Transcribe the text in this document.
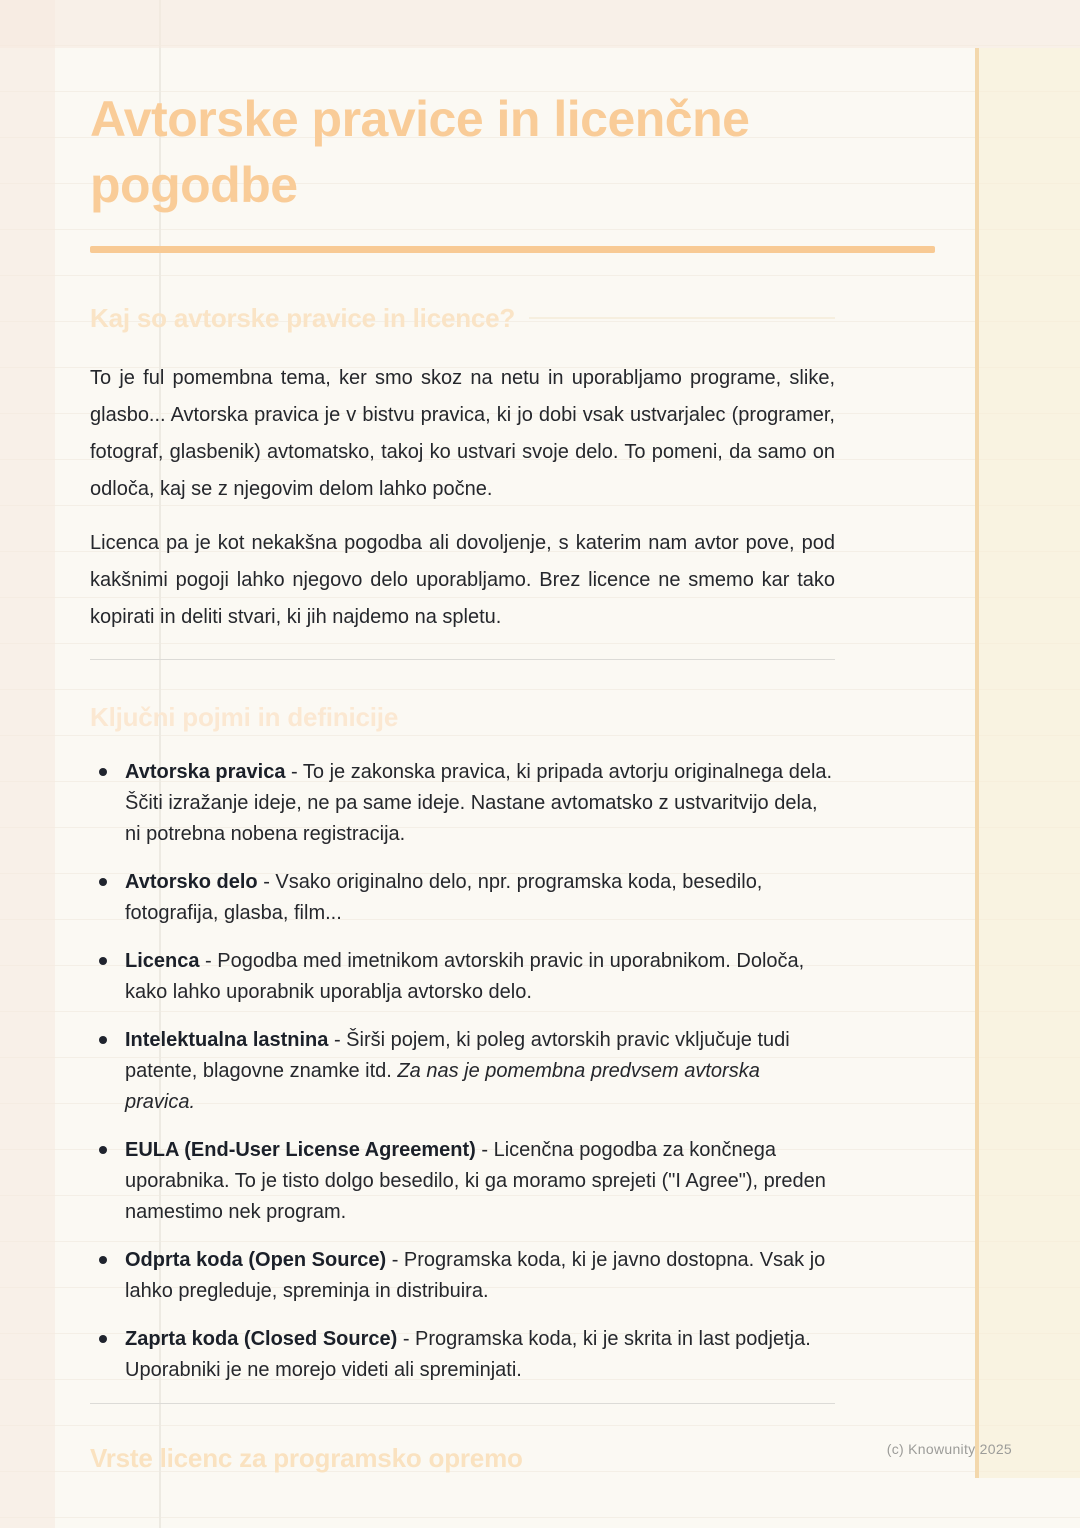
Avtorske pravice in licenčne pogodbe
Kaj so avtorske pravice in licence?

To je ful pomembna tema, ker smo skoz na netu in uporabljamo programe, slike, glasbo... Avtorska pravica je v bistvu pravica, ki jo dobi vsak ustvarjalec (programer, fotograf, glasbenik) avtomatsko, takoj ko ustvari svoje delo. To pomeni, da samo on odloča, kaj se z njegovim delom lahko počne.

Licenca pa je kot nekakšna pogodba ali dovoljenje, s katerim nam avtor pove, pod kakšnimi pogoji lahko njegovo delo uporabljamo. Brez licence ne smemo kar tako kopirati in deliti stvari, ki jih najdemo na spletu.

Ključni pojmi in definicije
Avtorska pravica - To je zakonska pravica, ki pripada avtorju originalnega dela. Ščiti izražanje ideje, ne pa same ideje. Nastane avtomatsko z ustvaritvijo dela, ni potrebna nobena registracija.
Avtorsko delo - Vsako originalno delo, npr. programska koda, besedilo, fotografija, glasba, film...
Licenca - Pogodba med imetnikom avtorskih pravic in uporabnikom. Določa, kako lahko uporabnik uporablja avtorsko delo.
Intelektualna lastnina - Širši pojem, ki poleg avtorskih pravic vključuje tudi patente, blagovne znamke itd. Za nas je pomembna predvsem avtorska pravica.
EULA (End-User License Agreement) - Licenčna pogodba za končnega uporabnika. To je tisto dolgo besedilo, ki ga moramo sprejeti ("I Agree"), preden namestimo nek program.
Odprta koda (Open Source) - Programska koda, ki je javno dostopna. Vsak jo lahko pregleduje, spreminja in distribuira.
Zaprta koda (Closed Source) - Programska koda, ki je skrita in last podjetja. Uporabniki je ne morejo videti ali spreminjati.
Vrste licenc za programsko opremo	(c) Knowunity 2025
